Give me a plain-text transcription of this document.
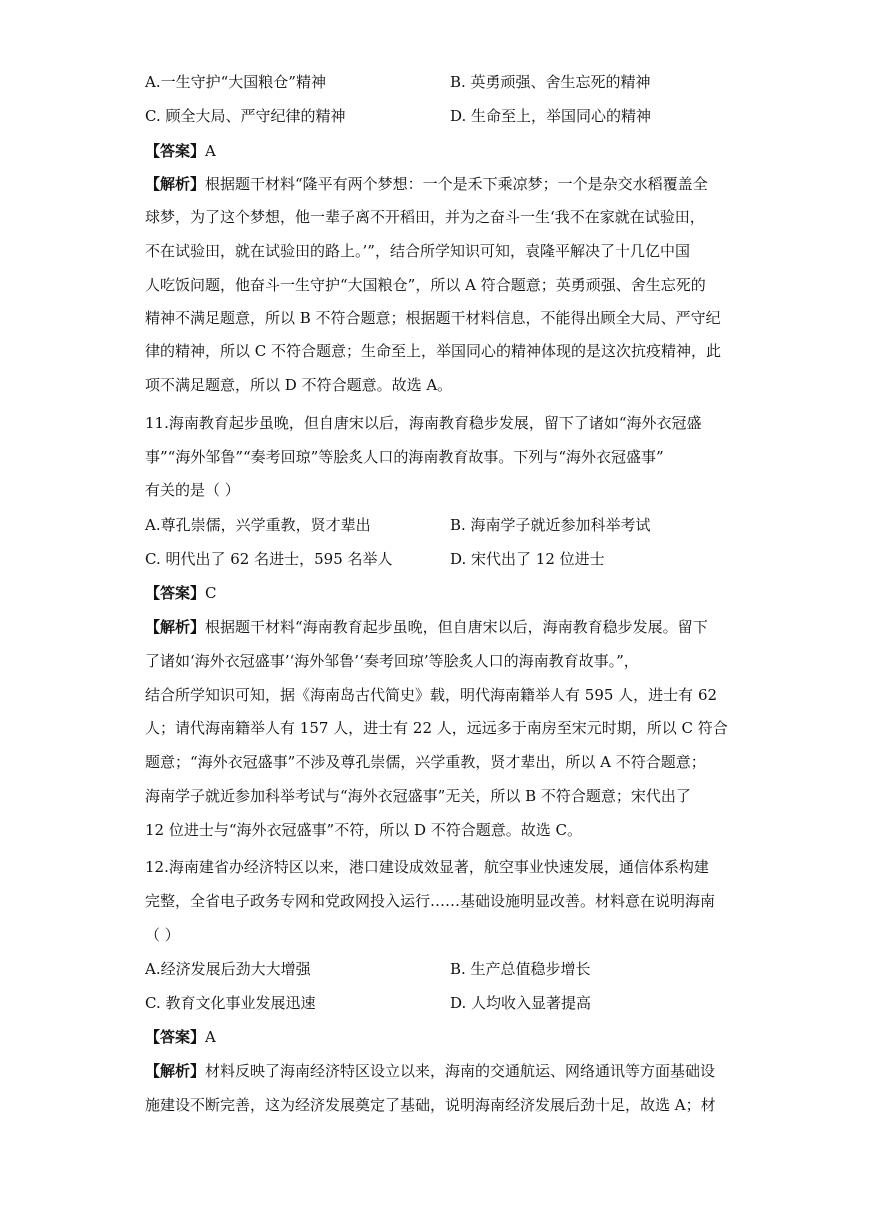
A.一生守护“大国粮仓”精神	B. 英勇顽强、舍生忘死的精神
C. 顾全大局、严守纪律的精神	D. 生命至上，举国同心的精神
【答案】A
【解析】根据题干材料“隆平有两个梦想：一个是禾下乘凉梦；一个是杂交水稻覆盖全
球梦，为了这个梦想，他一辈子离不开稻田，并为之奋斗一生‘我不在家就在试验田，
不在试验田，就在试验田的路上。’”，结合所学知识可知，袁隆平解决了十几亿中国
人吃饭问题，他奋斗一生守护“大国粮仓”，所以 A 符合题意；英勇顽强、舍生忘死的
精神不满足题意，所以 B 不符合题意；根据题干材料信息，不能得出顾全大局、严守纪
律的精神，所以 C 不符合题意；生命至上，举国同心的精神体现的是这次抗疫精神，此
项不满足题意，所以 D 不符合题意。故选 A。
11.海南教育起步虽晚，但自唐宋以后，海南教育稳步发展，留下了诸如“海外衣冠盛
事”“海外邹鲁”“奏考回琼”等脍炙人口的海南教育故事。下列与“海外衣冠盛事”
有关的是（ ）
A.尊孔崇儒，兴学重教，贤才辈出	B. 海南学子就近参加科举考试
C. 明代出了 62 名进士，595 名举人	D. 宋代出了 12 位进士
【答案】C
【解析】根据题干材料“海南教育起步虽晚，但自唐宋以后，海南教育稳步发展。留下
了诸如‘海外衣冠盛事’‘海外邹鲁’‘奏考回琼’等脍炙人口的海南教育故事。”，
结合所学知识可知，据《海南岛古代简史》载，明代海南籍举人有 595 人，进士有 62
人；请代海南籍举人有 157 人，进士有 22 人，远远多于南房至宋元时期，所以 C 符合
题意；“海外衣冠盛事”不涉及尊孔崇儒，兴学重教，贤才辈出，所以 A 不符合题意；
海南学子就近参加科举考试与“海外衣冠盛事”无关，所以 B 不符合题意；宋代出了
12 位进士与“海外衣冠盛事”不符，所以 D 不符合题意。故选 C。
12.海南建省办经济特区以来，港口建设成效显著，航空事业快速发展，通信体系构建
完整，全省电子政务专网和党政网投入运行……基础设施明显改善。材料意在说明海南
（ ）
A.经济发展后劲大大增强	B. 生产总值稳步增长
C. 教育文化事业发展迅速	D. 人均收入显著提高
【答案】A
【解析】材料反映了海南经济特区设立以来，海南的交通航运、网络通讯等方面基础设
施建设不断完善，这为经济发展奠定了基础，说明海南经济发展后劲十足，故选 A；材
